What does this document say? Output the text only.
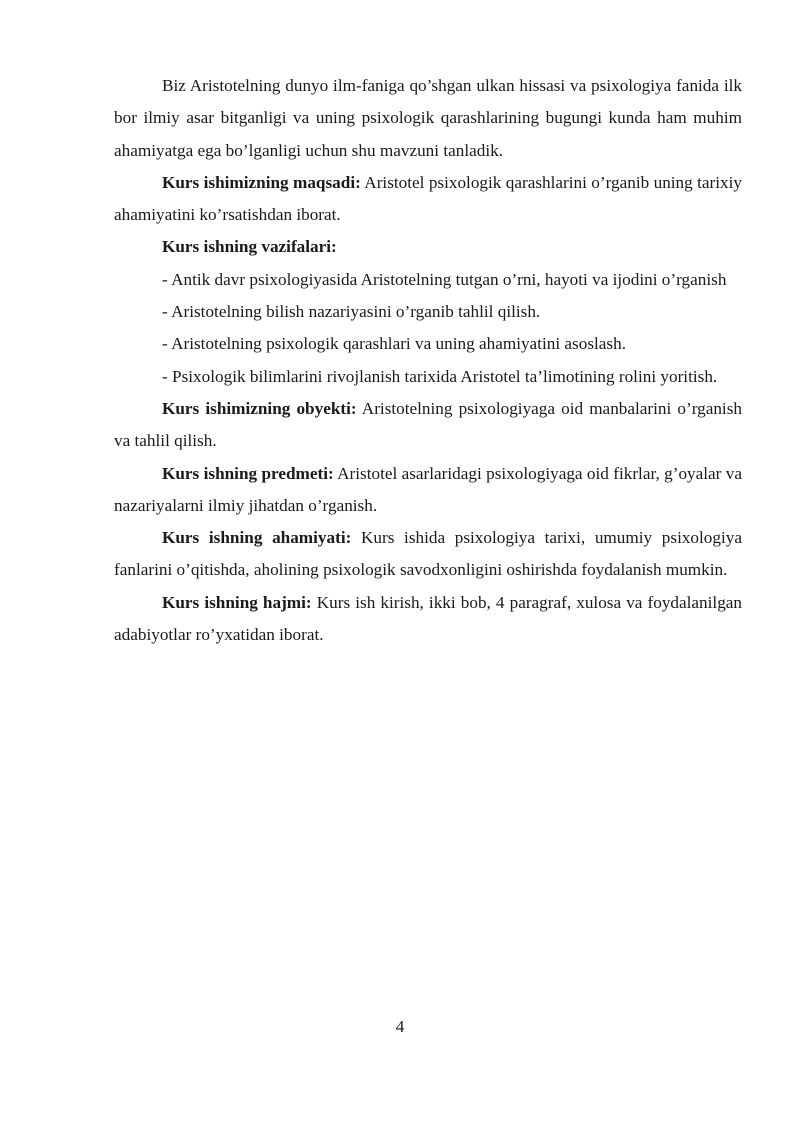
Biz Aristotelning dunyo ilm-faniga qo’shgan ulkan hissasi va psixologiya fanida ilk bor ilmiy asar bitganligi va uning psixologik qarashlarining bugungi kunda ham muhim ahamiyatga ega bo’lganligi uchun shu mavzuni tanladik.

Kurs ishimizning maqsadi: Aristotel psixologik qarashlarini o’rganib uning tarixiy ahamiyatini ko’rsatishdan iborat.

Kurs ishning vazifalari:

- Antik davr psixologiyasida Aristotelning tutgan o’rni, hayoti va ijodini o’rganish

- Aristotelning bilish nazariyasini o’rganib tahlil qilish.

- Aristotelning psixologik qarashlari va uning ahamiyatini asoslash.

- Psixologik bilimlarini rivojlanish tarixida Aristotel ta’limotining rolini yoritish.

Kurs ishimizning obyekti: Aristotelning psixologiyaga oid manbalarini o’rganish va tahlil qilish.

Kurs ishning predmeti: Aristotel asarlaridagi psixologiyaga oid fikrlar, g’oyalar va nazariyalarni ilmiy jihatdan o’rganish.

Kurs ishning ahamiyati: Kurs ishida psixologiya tarixi, umumiy psixologiya fanlarini o’qitishda, aholining psixologik savodxonligini oshirishda foydalanish mumkin.

Kurs ishning hajmi: Kurs ish kirish, ikki bob, 4 paragraf, xulosa va foydalanilgan adabiyotlar ro’yxatidan iborat.

4
